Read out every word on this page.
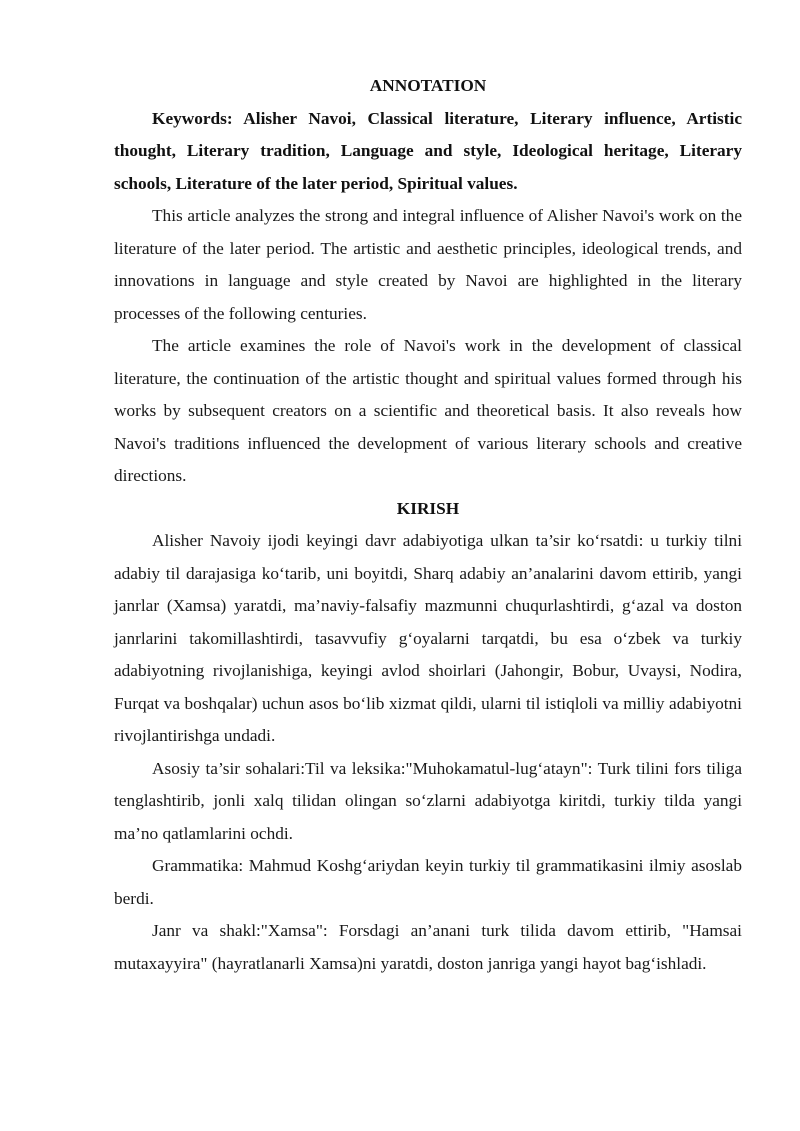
ANNOTATION

Keywords: Alisher Navoi, Classical literature, Literary influence, Artistic thought, Literary tradition, Language and style, Ideological heritage, Literary schools, Literature of the later period, Spiritual values.

This article analyzes the strong and integral influence of Alisher Navoi's work on the literature of the later period. The artistic and aesthetic principles, ideological trends, and innovations in language and style created by Navoi are highlighted in the literary processes of the following centuries.

The article examines the role of Navoi's work in the development of classical literature, the continuation of the artistic thought and spiritual values formed through his works by subsequent creators on a scientific and theoretical basis. It also reveals how Navoi's traditions influenced the development of various literary schools and creative directions.

KIRISH

Alisher Navoiy ijodi keyingi davr adabiyotiga ulkan ta’sir ko‘rsatdi: u turkiy tilni adabiy til darajasiga ko‘tarib, uni boyitdi, Sharq adabiy an’analarini davom ettirib, yangi janrlar (Xamsa) yaratdi, ma’naviy-falsafiy mazmunni chuqurlashtirdi, g‘azal va doston janrlarini takomillashtirdi, tasavvufiy g‘oyalarni tarqatdi, bu esa o‘zbek va turkiy adabiyotning rivojlanishiga, keyingi avlod shoirlari (Jahongir, Bobur, Uvaysi, Nodira, Furqat va boshqalar) uchun asos bo‘lib xizmat qildi, ularni til istiqloli va milliy adabiyotni rivojlantirishga undadi.

Asosiy ta’sir sohalari:Til va leksika:"Muhokamatul-lug‘atayn": Turk tilini fors tiliga tenglashtirib, jonli xalq tilidan olingan so‘zlarni adabiyotga kiritdi, turkiy tilda yangi ma’no qatlamlarini ochdi.

Grammatika: Mahmud Koshg‘ariydan keyin turkiy til grammatikasini ilmiy asoslab berdi.

Janr va shakl:"Xamsa": Forsdagi an’anani turk tilida davom ettirib, "Hamsai mutaxayyira" (hayratlanarli Xamsa)ni yaratdi, doston janriga yangi hayot bag‘ishladi.
